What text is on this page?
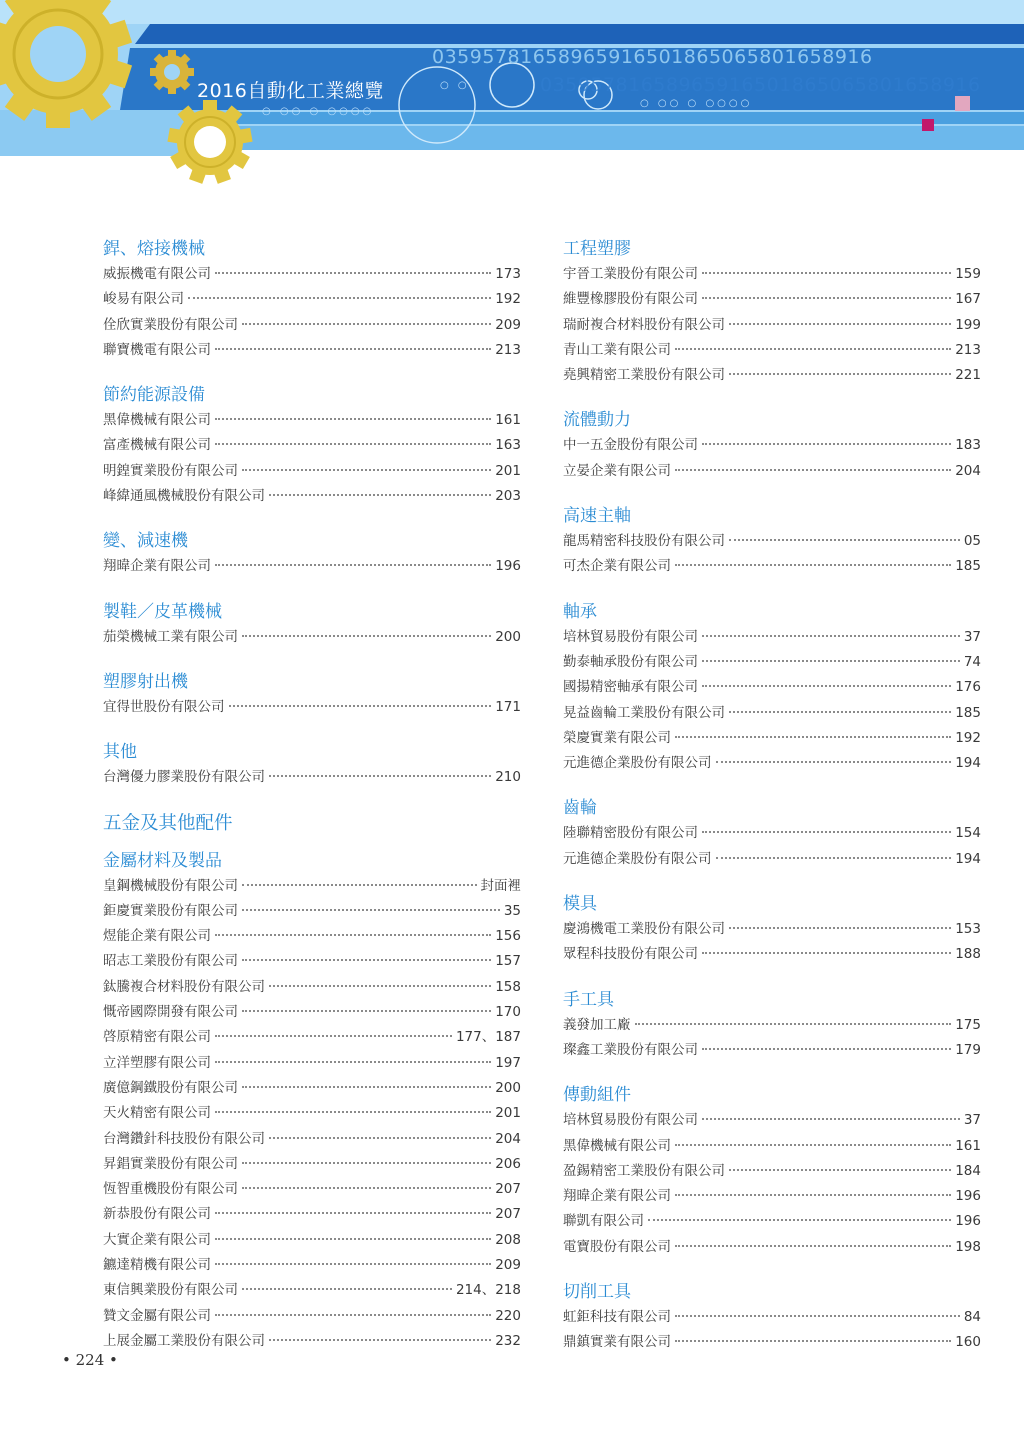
03595781658965916501865065801658916
03595781658965916501865065801658916
2016自動化工業總覽
○ ○○ ○ ○○○○
○ ○○ ○ ○○○○
○ ○
銲、熔接機械
威振機電有限公司	173
峻易有限公司	192
佺欣實業股份有限公司	209
聯寶機電有限公司	213
節約能源設備
黑偉機械有限公司	161
富產機械有限公司	163
明鍠實業股份有限公司	201
峰緯通風機械股份有限公司	203
變、減速機
翔暐企業有限公司	196
製鞋／皮革機械
茄榮機械工業有限公司	200
塑膠射出機
宜得世股份有限公司	171
其他
台灣優力膠業股份有限公司	210
五金及其他配件
金屬材料及製品
皇鋼機械股份有限公司	封面裡
鉅慶實業股份有限公司	35
煜能企業有限公司	156
昭志工業股份有限公司	157
鈦騰複合材料股份有限公司	158
慨帝國際開發有限公司	170
啓原精密有限公司	177、187
立洋塑膠有限公司	197
廣億鋼鐵股份有限公司	200
天火精密有限公司	201
台灣鑽針科技股份有限公司	204
昇錩實業股份有限公司	206
恆智重機股份有限公司	207
新恭股份有限公司	207
大實企業有限公司	208
鑣達精機有限公司	209
東信興業股份有限公司	214、218
贊文金屬有限公司	220
上展金屬工業股份有限公司	232
工程塑膠
宇晉工業股份有限公司	159
維豐橡膠股份有限公司	167
瑞耐複合材料股份有限公司	199
青山工業有限公司	213
堯興精密工業股份有限公司	221
流體動力
中一五金股份有限公司	183
立晏企業有限公司	204
高速主軸
龍馬精密科技股份有限公司	05
可杰企業有限公司	185
軸承
培林貿易股份有限公司	37
勤泰軸承股份有限公司	74
國揚精密軸承有限公司	176
晃益齒輪工業股份有限公司	185
榮慶實業有限公司	192
元進德企業股份有限公司	194
齒輪
陸聯精密股份有限公司	154
元進德企業股份有限公司	194
模具
慶鴻機電工業股份有限公司	153
眾程科技股份有限公司	188
手工具
義發加工廠	175
璨鑫工業股份有限公司	179
傳動組件
培林貿易股份有限公司	37
黑偉機械有限公司	161
盈錫精密工業股份有限公司	184
翔暐企業有限公司	196
聯凱有限公司	196
電寶股份有限公司	198
切削工具
虹鉅科技有限公司	84
鼎鎮實業有限公司	160
• 224 •
